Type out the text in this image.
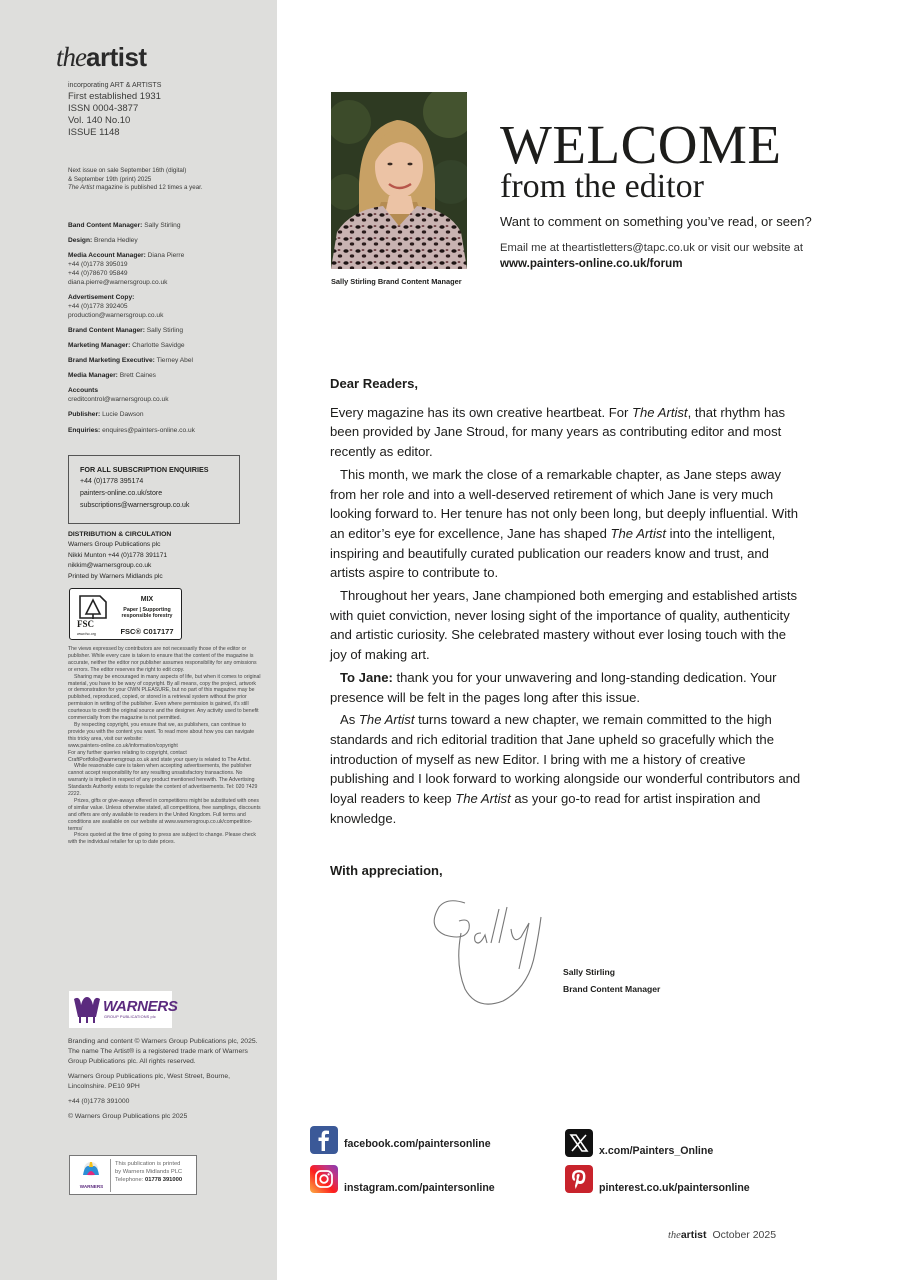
theartist
incorporating ART & ARTISTS
First established 1931
ISSN 0004-3877
Vol. 140 No.10
ISSUE 1148
Next issue on sale September 16th (digital)
& September 19th (print) 2025
The Artist magazine is published 12 times a year.
Band Content Manager: Sally Stirling
Design: Brenda Hedley
Media Account Manager: Diana Pierre
+44 (0)1778 395019
+44 (0)78670 95849
diana.pierre@warnersgroup.co.uk
Advertisement Copy:
+44 (0)1778 392405
production@warnersgroup.co.uk
Brand Content Manager: Sally Stirling
Marketing Manager: Charlotte Savidge
Brand Marketing Executive: Tierney Abel
Media Manager: Brett Caines
Accounts
creditcontrol@warnersgroup.co.uk
Publisher: Lucie Dawson
Enquiries: enquires@painters-online.co.uk
FOR ALL SUBSCRIPTION ENQUIRIES
+44 (0)1778 395174
painters-online.co.uk/store
subscriptions@warnersgroup.co.uk
DISTRIBUTION & CIRCULATION
Warners Group Publications plc
Nikki Munton +44 (0)1778 391171
nikkim@warnersgroup.co.uk
Printed by Warners Midlands plc
FSC
www.fsc.org
MIX
Paper | Supporting responsible forestry
FSC® C017177

The views expressed by contributors are not necessarily those of the editor or publisher. While every care is taken to ensure that the content of the magazine is accurate, neither the editor nor publisher assumes responsibility for any omissions or errors. The editor reserves the right to edit copy.

Sharing may be encouraged in many aspects of life, but when it comes to original material, you have to be wary of copyright. By all means, copy the project, artwork or demonstration for your OWN PLEASURE, but no part of this magazine may be published, reproduced, copied, or stored in a retrieval system without the prior permission in writing of the publisher. Even where permission is gained, it's still courteous to credit the original source and the designer. Any activity used to benefit commercially from the magazine is not permitted.

By respecting copyright, you ensure that we, as publishers, can continue to provide you with the content you want. To read more about how you can navigate this tricky area, visit our website:

www.painters-online.co.uk/information/copyright

For any further queries relating to copyright, contact CraftPortfolio@warnersgroup.co.uk and state your query is related to The Artist.

While reasonable care is taken when accepting advertisements, the publisher cannot accept responsibility for any resulting unsatisfactory transactions. No warranty is implied in respect of any product mentioned herewith. The Advertising Standards Authority exists to regulate the content of advertisements. Tel: 020 7429 2222.

Prizes, gifts or give-aways offered in competitions might be substituted with ones of similar value. Unless otherwise stated, all competitions, free samplings, discounts and offers are only available to readers in the United Kingdom. Full terms and conditions are available on our website at www.warnersgroup.co.uk/competition-terms/

Prices quoted at the time of going to press are subject to change. Please check with the individual retailer for up to date prices.

WARNERS
GROUP PUBLICATIONS plc

Branding and content © Warners Group Publications plc, 2025. The name The Artist® is a registered trade mark of Warners Group Publications plc. All rights reserved.

Warners Group Publications plc, West Street, Bourne, Lincolnshire. PE10 9PH

+44 (0)1778 391000

© Warners Group Publications plc 2025

WARNERS
This publication is printed
by Warners Midlands PLC
Telephone: 01778 391000
Sally Stirling Brand Content Manager
WELCOME
from the editor
Want to comment on something you’ve read, or seen?
Email me at theartistletters@tapc.co.uk or visit our website at
www.painters-online.co.uk/forum
Dear Readers,

Every magazine has its own creative heartbeat. For The Artist, that rhythm has been provided by Jane Stroud, for many years as contributing editor and most recently as editor.

This month, we mark the close of a remarkable chapter, as Jane steps away from her role and into a well-deserved retirement of which Jane is very much looking forward to. Her tenure has not only been long, but deeply influential. With an editor’s eye for excellence, Jane has shaped The Artist into the intelligent, inspiring and beautifully curated publication our readers know and trust, and artists aspire to contribute to.

Throughout her years, Jane championed both emerging and established artists with quiet conviction, never losing sight of the importance of quality, authenticity and artistic curiosity. She celebrated mastery without ever losing touch with the joy of making art.

To Jane: thank you for your unwavering and long-standing dedication. Your presence will be felt in the pages long after this issue.

As The Artist turns toward a new chapter, we remain committed to the high standards and rich editorial tradition that Jane upheld so gracefully which the introduction of myself as new Editor. I bring with me a history of creative publishing and I look forward to working alongside our wonderful contributors and loyal readers to keep The Artist as your go-to read for artist inspiration and knowledge.

With appreciation,
Sally Stirling
Brand Content Manager
facebook.com/paintersonline
x.com/Painters_Online
instagram.com/paintersonline	pinterest.co.uk/paintersonline
theartist October 2025
